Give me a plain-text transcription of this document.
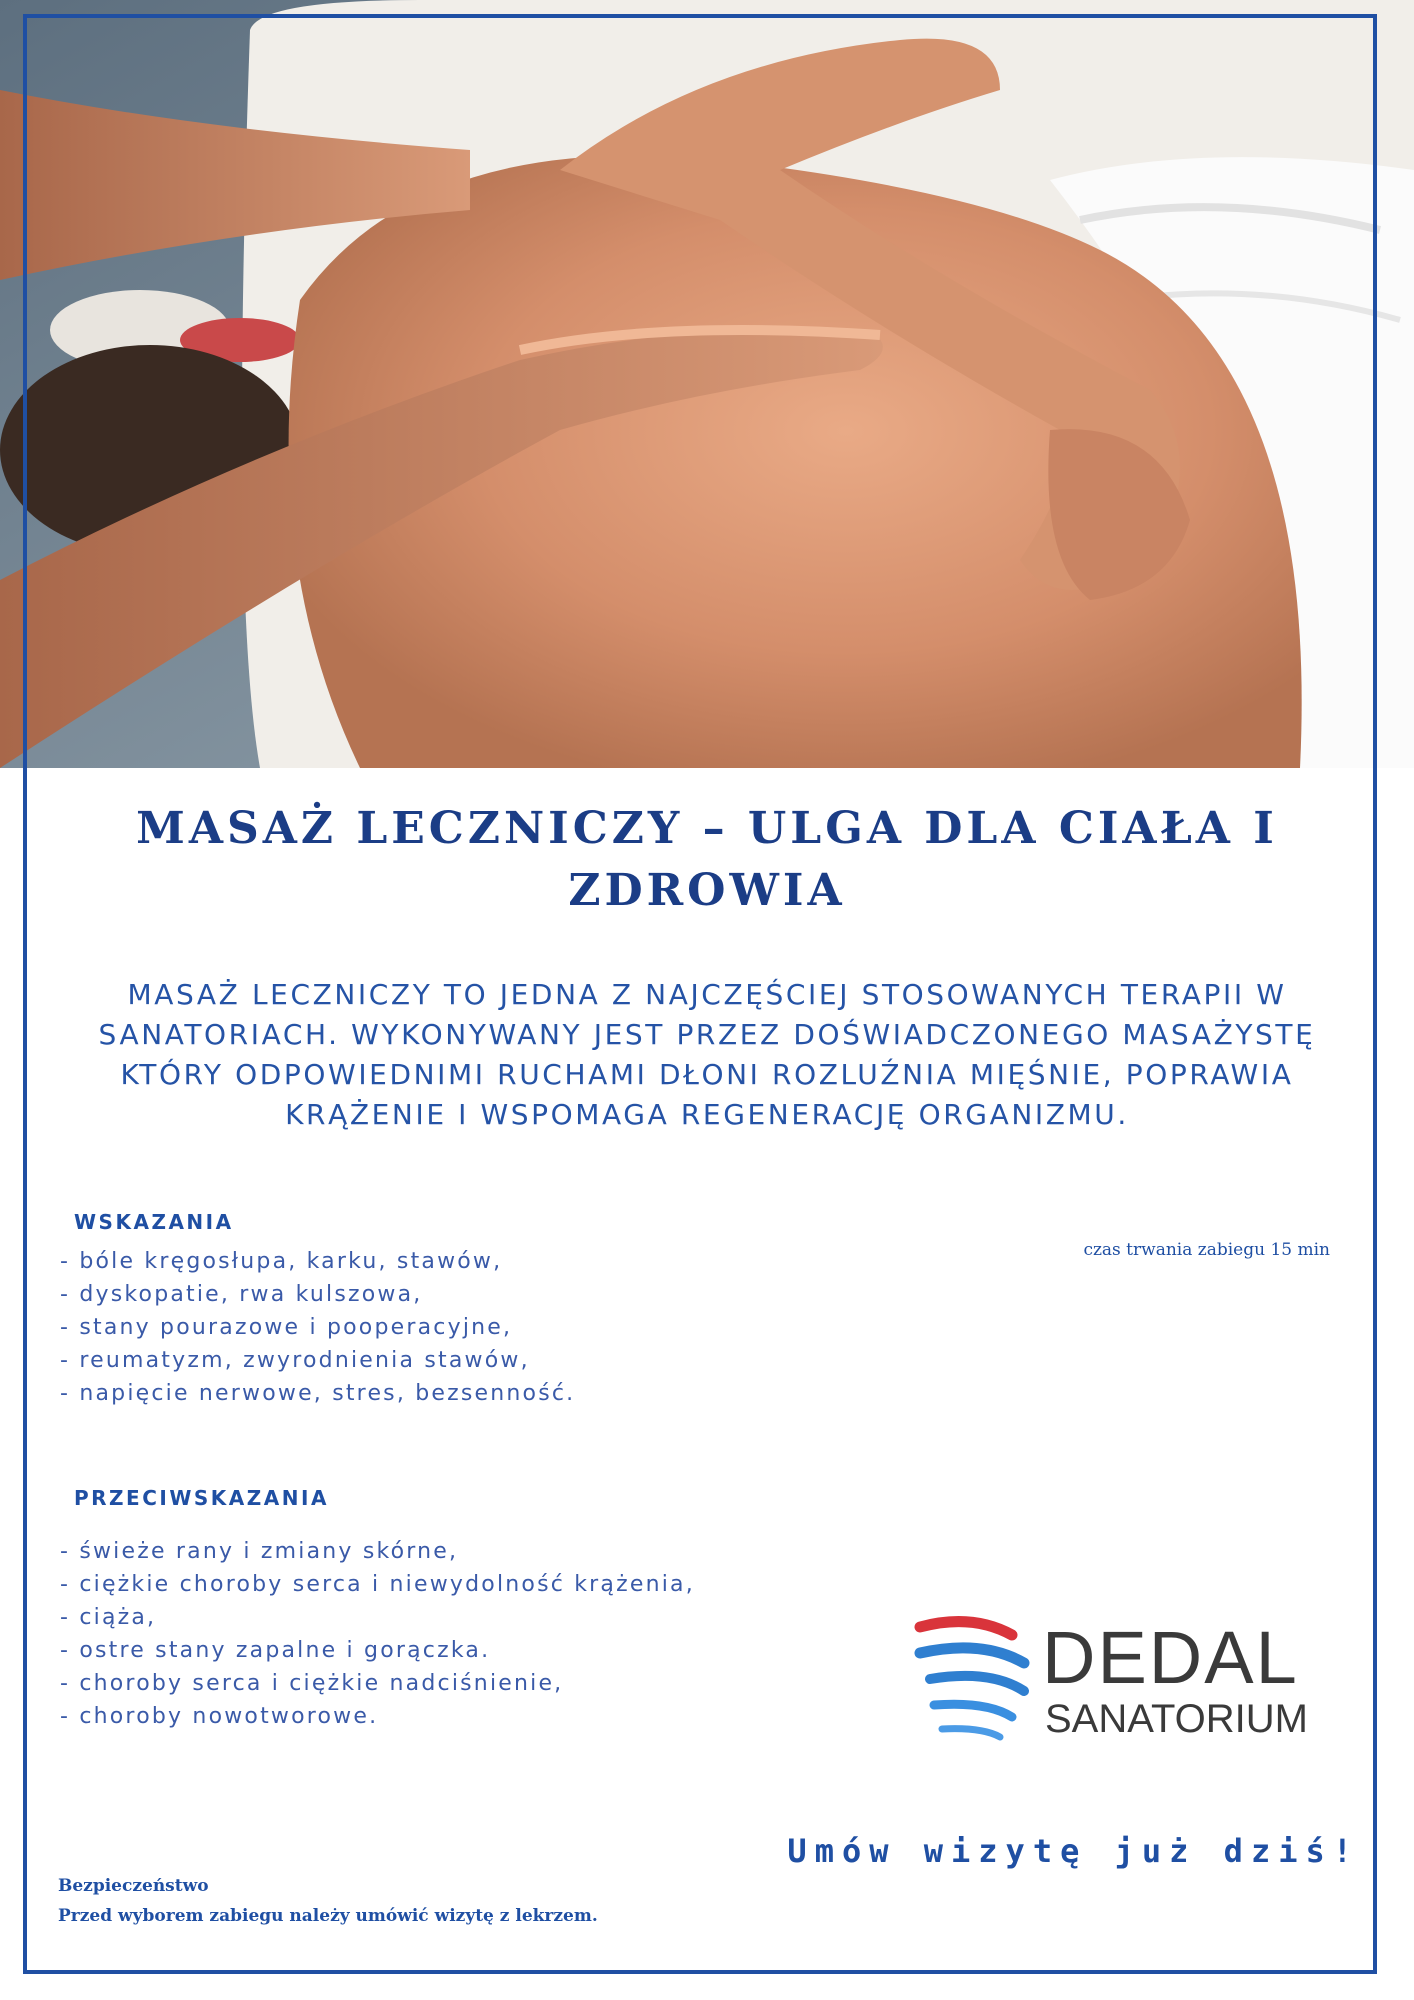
MASAŻ LECZNICZY – ULGA DLA CIAŁA I ZDROWIA

MASAŻ LECZNICZY TO JEDNA Z NAJCZĘŚCIEJ STOSOWANYCH TERAPII W SANATORIACH. WYKONYWANY JEST PRZEZ DOŚWIADCZONEGO MASAŻYSTĘ KTÓRY ODPOWIEDNIMI RUCHAMI DŁONI ROZLUŹNIA MIĘŚNIE, POPRAWIA KRĄŻENIE I WSPOMAGA REGENERACJĘ ORGANIZMU.

WSKAZANIA
- bóle kręgosłupa, karku, stawów,
- dyskopatie, rwa kulszowa,
- stany pourazowe i pooperacyjne,
- reumatyzm, zwyrodnienia stawów,
- napięcie nerwowe, stres, bezsenność.
czas trwania zabiegu 15 min
PRZECIWSKAZANIA
- świeże rany i zmiany skórne,
- ciężkie choroby serca i niewydolność krążenia,
- ciąża,
- ostre stany zapalne i gorączka.
- choroby serca i ciężkie nadciśnienie,
- choroby nowotworowe.
DEDAL
SANATORIUM
Umów wizytę już dziś!
Bezpieczeństwo
Przed wyborem zabiegu należy umówić wizytę z lekrzem.
